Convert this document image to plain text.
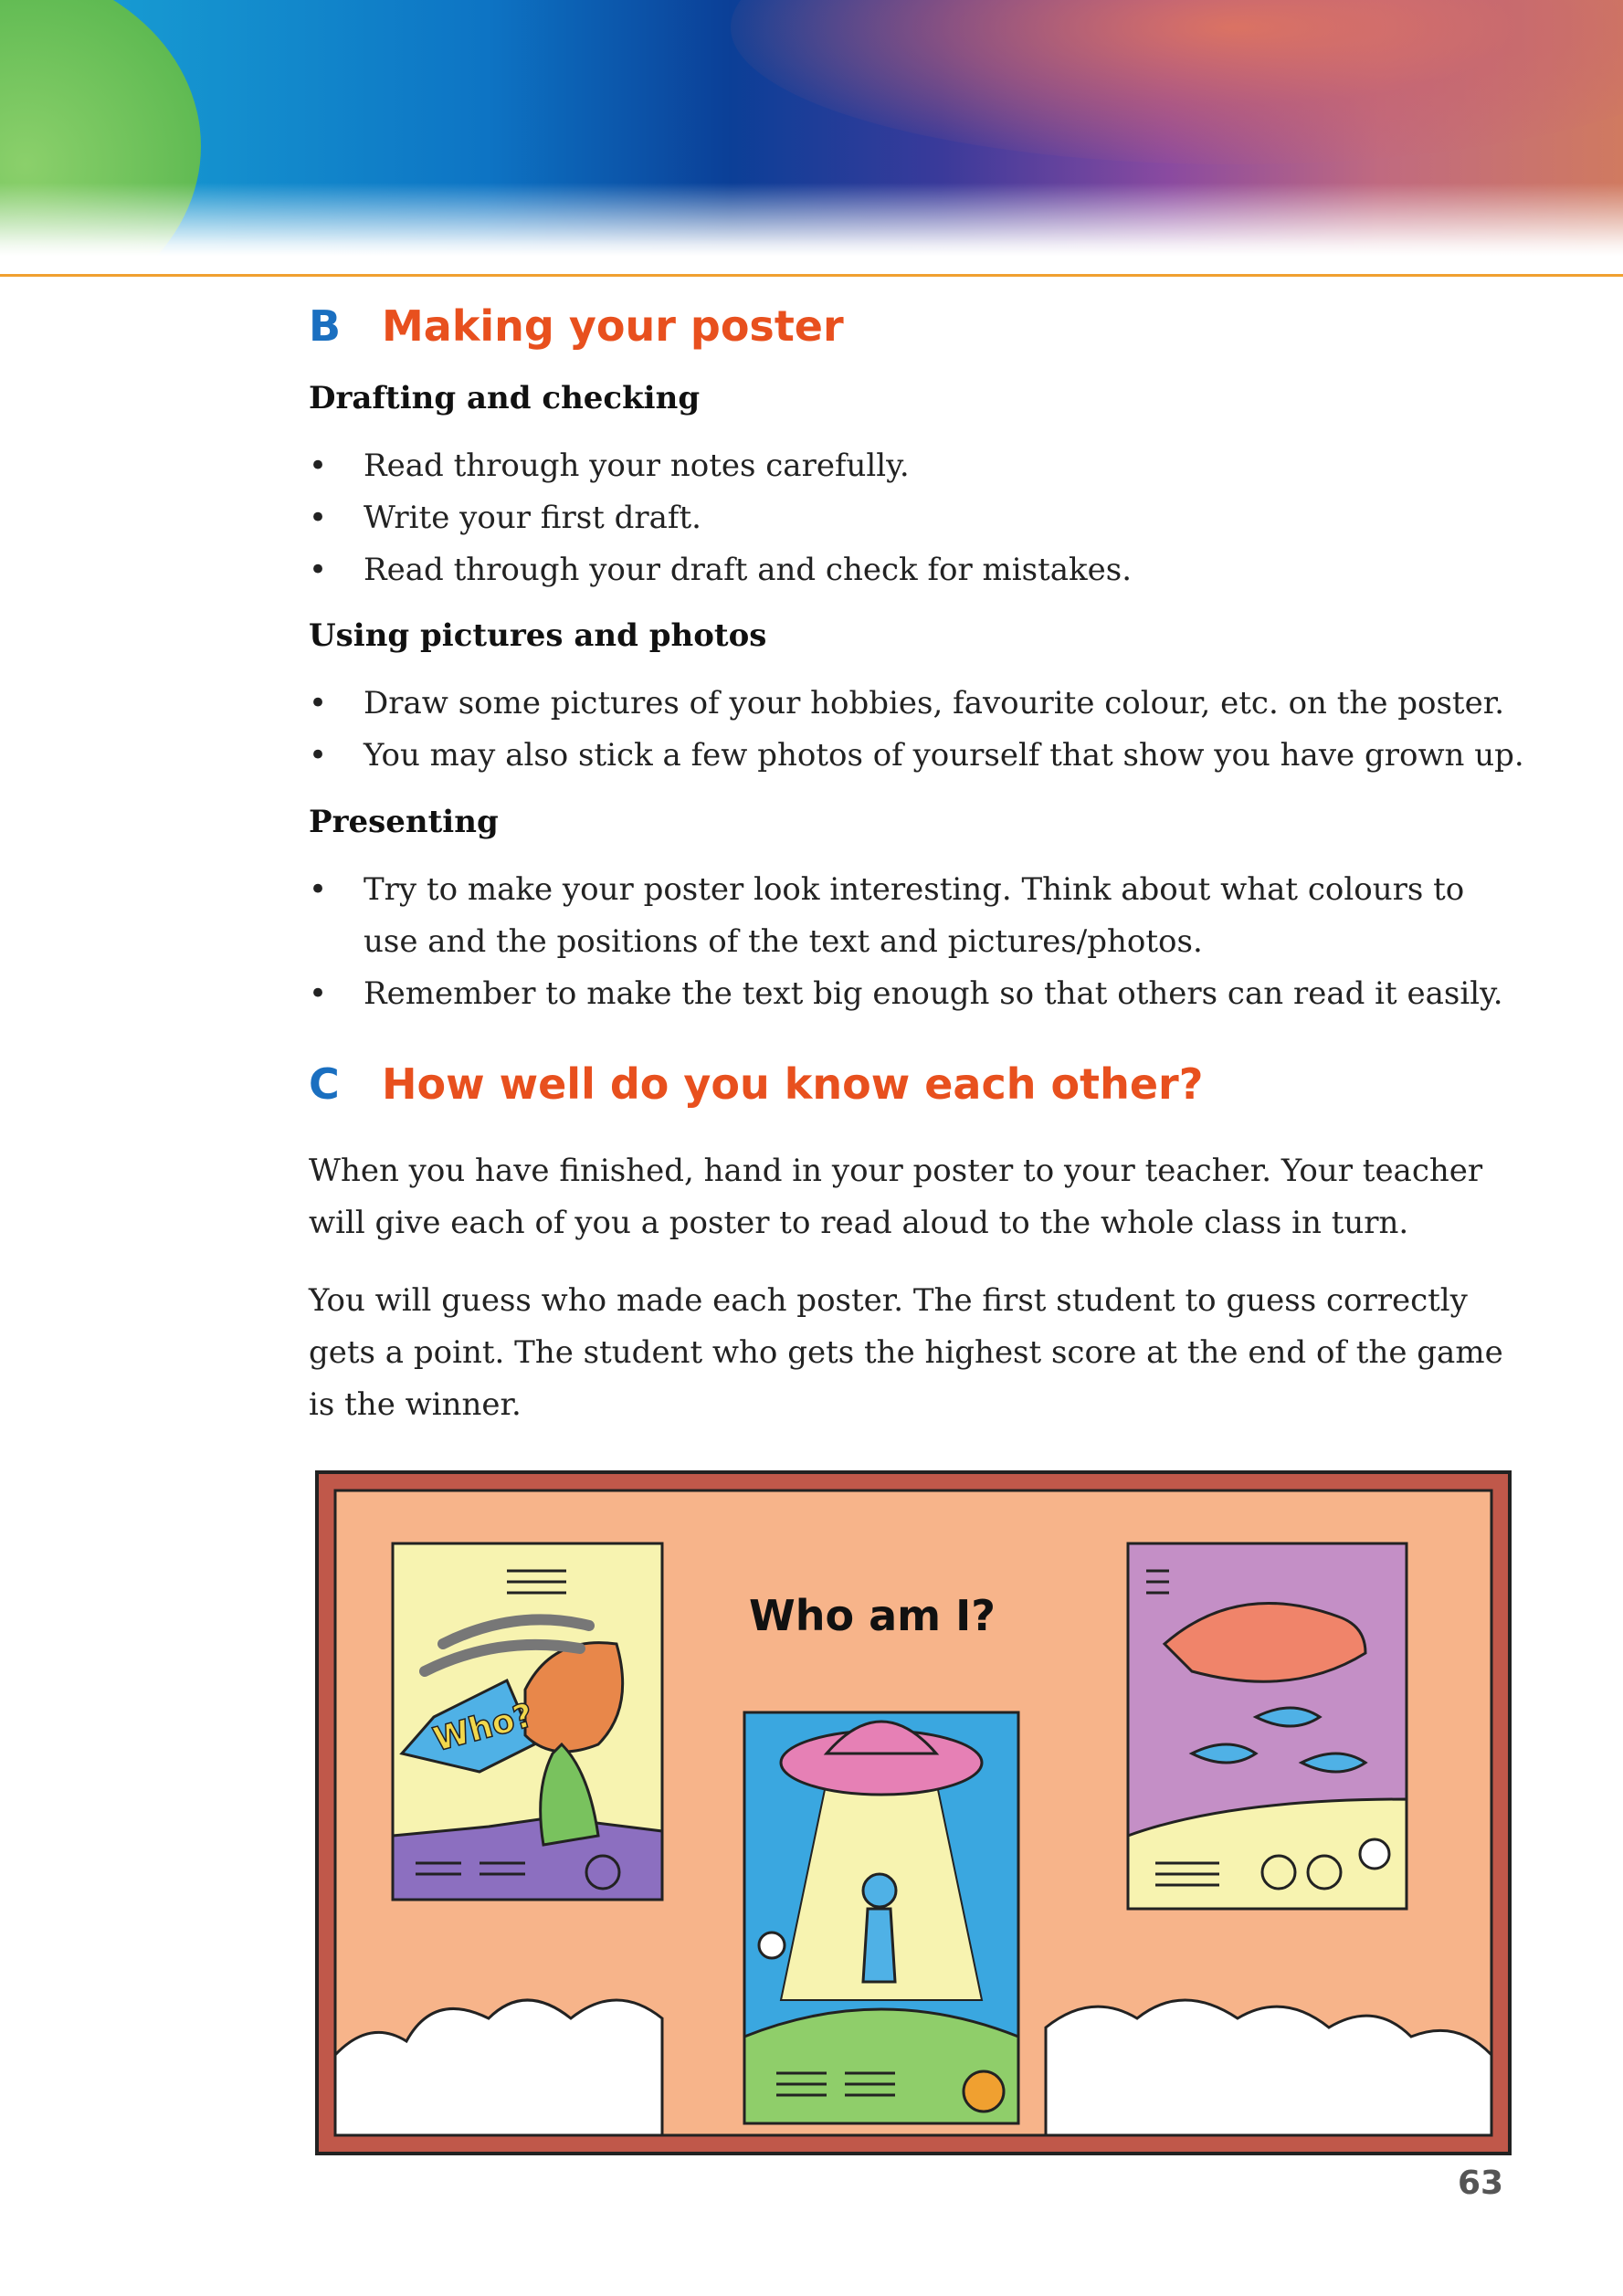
B Making your poster
Drafting and checking
• Read through your notes carefully.
• Write your first draft.
• Read through your draft and check for mistakes.
Using pictures and photos
• Draw some pictures of your hobbies, favourite colour, etc. on the poster.
• You may also stick a few photos of yourself that show you have grown up.
Presenting
• Try to make your poster look interesting. Think about what colours to use and the positions of the text and pictures/photos.
• Remember to make the text big enough so that others can read it easily.
C How well do you know each other?

When you have finished, hand in your poster to your teacher. Your teacher will give each of you a poster to read aloud to the whole class in turn.

You will guess who made each poster. The first student to guess correctly gets a point. The student who gets the highest score at the end of the game is the winner.

Who?
Who am I?
63
